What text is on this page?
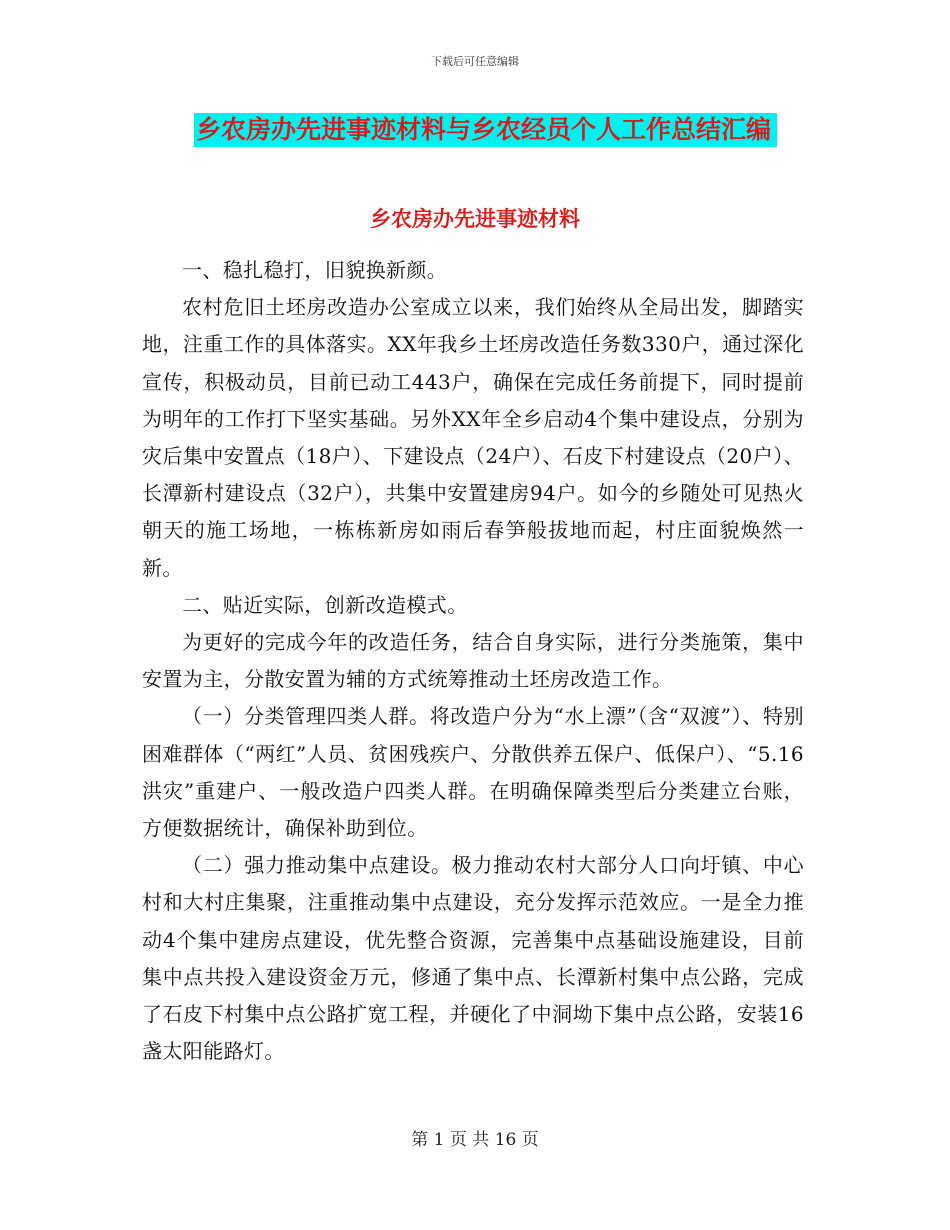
下载后可任意编辑
乡农房办先进事迹材料与乡农经员个人工作总结汇编
乡农房办先进事迹材料

一、稳扎稳打，旧貌换新颜。

农村危旧土坯房改造办公室成立以来，我们始终从全局出发，脚踏实地，注重工作的具体落实。XX年我乡土坯房改造任务数330户，通过深化宣传，积极动员，目前已动工443户，确保在完成任务前提下，同时提前为明年的工作打下坚实基础。另外XX年全乡启动4个集中建设点，分别为灾后集中安置点（18户）、下建设点（24户）、石皮下村建设点（20户）、长潭新村建设点（32户），共集中安置建房94户。如今的乡随处可见热火朝天的施工场地，一栋栋新房如雨后春笋般拔地而起，村庄面貌焕然一新。

二、贴近实际，创新改造模式。

为更好的完成今年的改造任务，结合自身实际，进行分类施策，集中安置为主，分散安置为辅的方式统筹推动土坯房改造工作。

（一）分类管理四类人群。将改造户分为“水上漂”（含“双渡”）、特别困难群体（“两红”人员、贫困残疾户、分散供养五保户、低保户）、“5.16洪灾”重建户、一般改造户四类人群。在明确保障类型后分类建立台账，方便数据统计，确保补助到位。

（二）强力推动集中点建设。极力推动农村大部分人口向圩镇、中心村和大村庄集聚，注重推动集中点建设，充分发挥示范效应。一是全力推动4个集中建房点建设，优先整合资源，完善集中点基础设施建设，目前集中点共投入建设资金万元，修通了集中点、长潭新村集中点公路，完成了石皮下村集中点公路扩宽工程，并硬化了中洞坳下集中点公路，安装16盏太阳能路灯。

第 1 页 共 16 页
